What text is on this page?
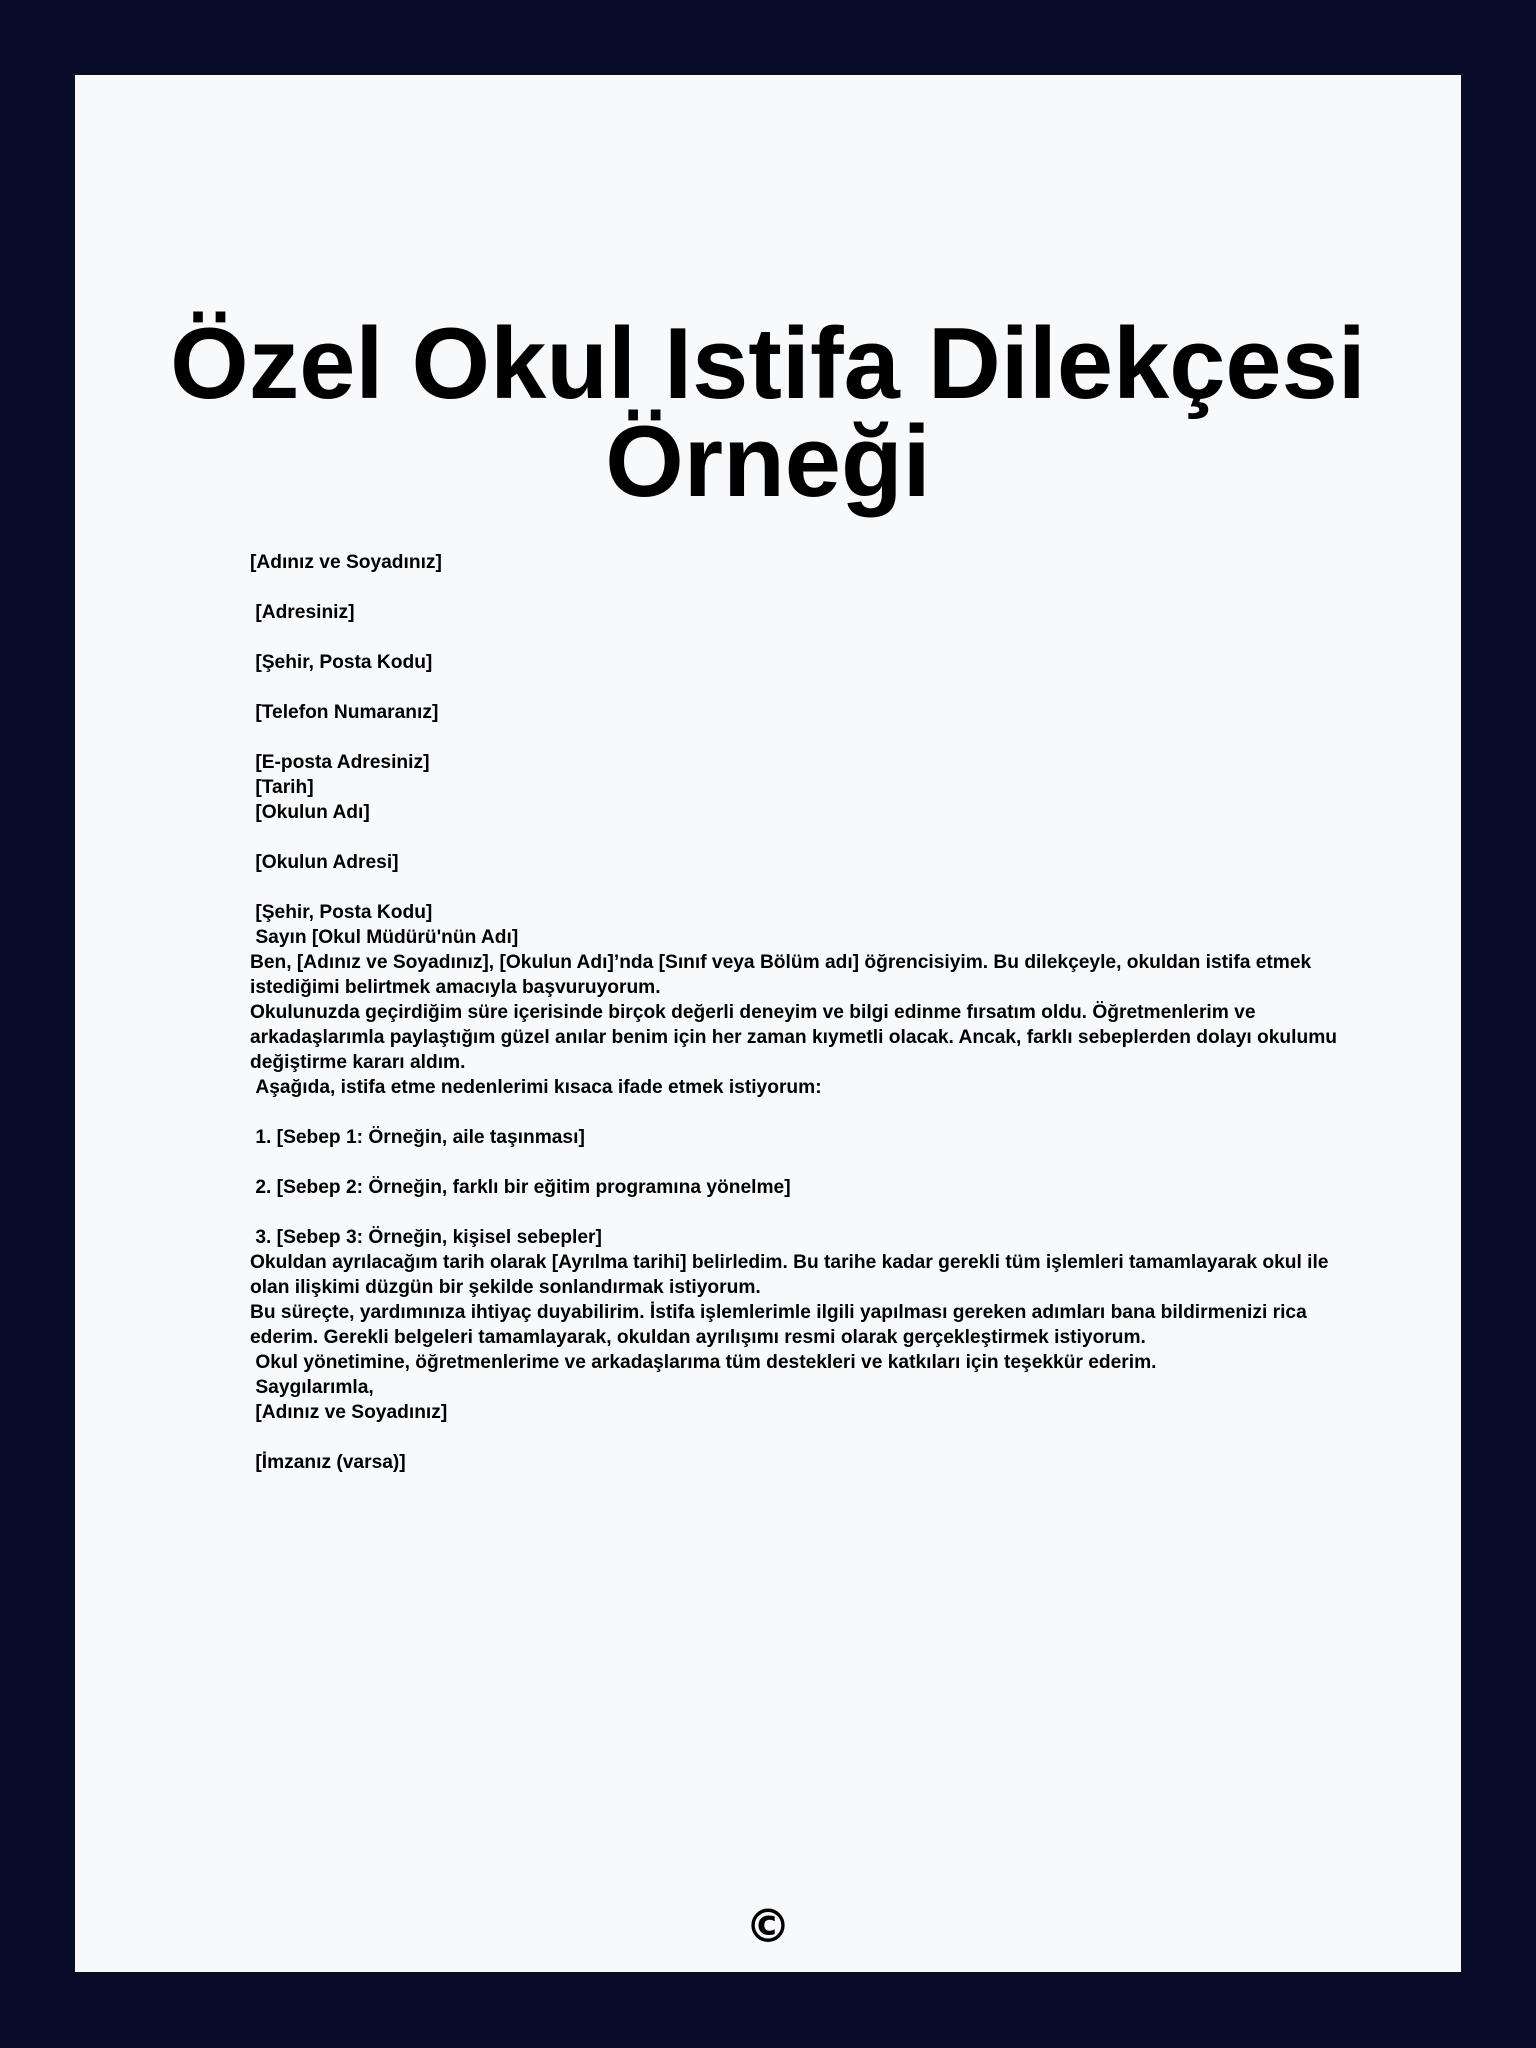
Özel Okul Istifa Dilekçesi
Örneği

[Adınız ve Soyadınız]

[Adresiniz]

[Şehir, Posta Kodu]

[Telefon Numaranız]

[E-posta Adresiniz]

[Tarih]

[Okulun Adı]

[Okulun Adresi]

[Şehir, Posta Kodu]

Sayın [Okul Müdürü'nün Adı]

Ben, [Adınız ve Soyadınız], [Okulun Adı]’nda [Sınıf veya Bölüm adı] öğrencisiyim. Bu dilekçeyle, okuldan istifa etmek istediğimi belirtmek amacıyla başvuruyorum.

Okulunuzda geçirdiğim süre içerisinde birçok değerli deneyim ve bilgi edinme fırsatım oldu. Öğretmenlerim ve arkadaşlarımla paylaştığım güzel anılar benim için her zaman kıymetli olacak. Ancak, farklı sebeplerden dolayı okulumu değiştirme kararı aldım.

Aşağıda, istifa etme nedenlerimi kısaca ifade etmek istiyorum:

1. [Sebep 1: Örneğin, aile taşınması]

2. [Sebep 2: Örneğin, farklı bir eğitim programına yönelme]

3. [Sebep 3: Örneğin, kişisel sebepler]

Okuldan ayrılacağım tarih olarak [Ayrılma tarihi] belirledim. Bu tarihe kadar gerekli tüm işlemleri tamamlayarak okul ile olan ilişkimi düzgün bir şekilde sonlandırmak istiyorum.

Bu süreçte, yardımınıza ihtiyaç duyabilirim. İstifa işlemlerimle ilgili yapılması gereken adımları bana bildirmenizi rica ederim. Gerekli belgeleri tamamlayarak, okuldan ayrılışımı resmi olarak gerçekleştirmek istiyorum.

Okul yönetimine, öğretmenlerime ve arkadaşlarıma tüm destekleri ve katkıları için teşekkür ederim.

Saygılarımla,

[Adınız ve Soyadınız]

[İmzanız (varsa)]

©
